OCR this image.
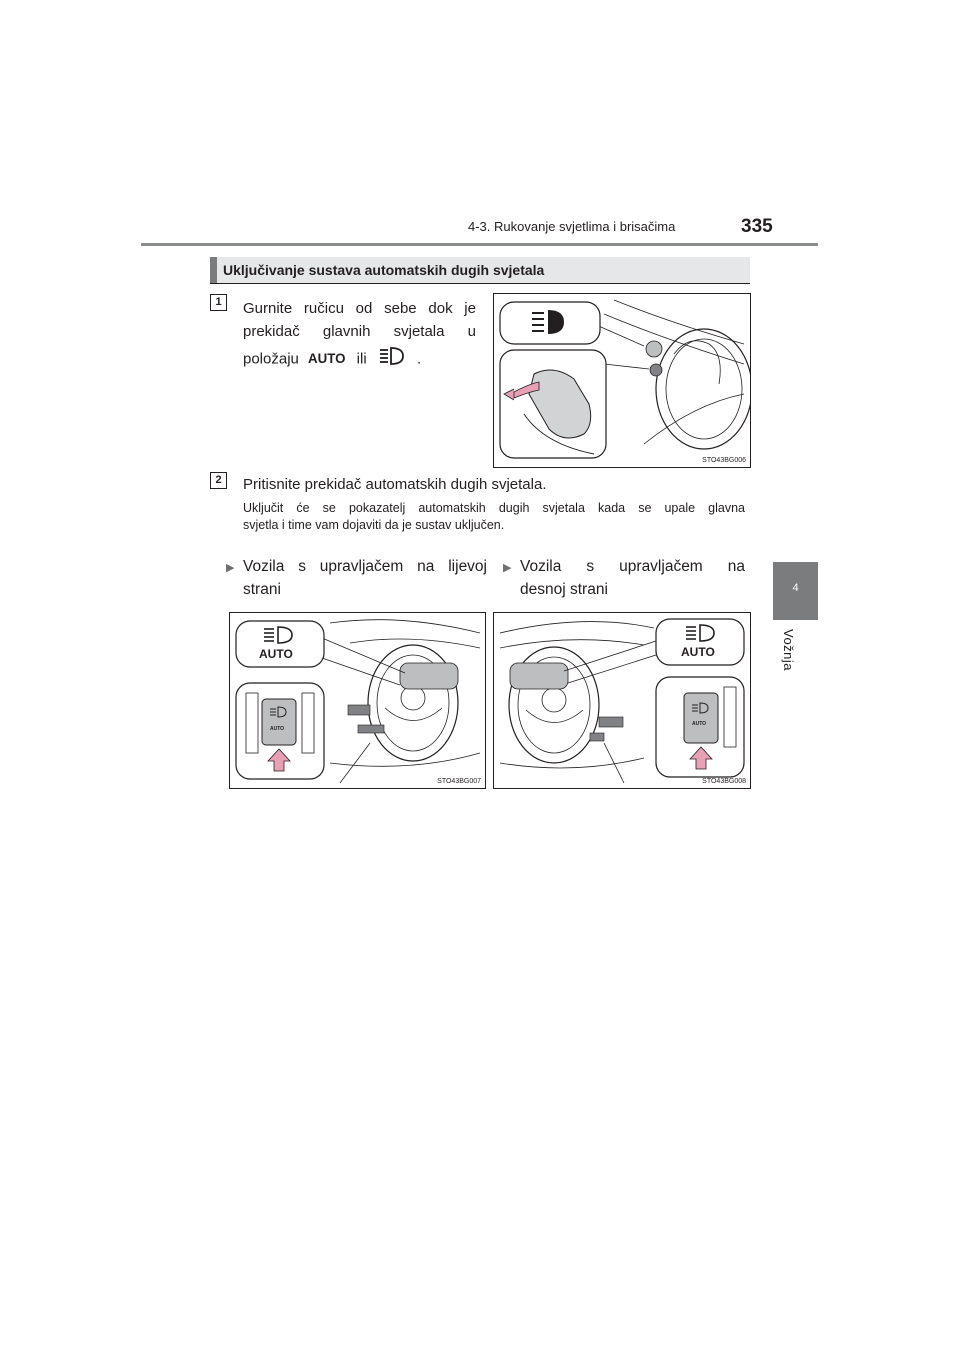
4-3. Rukovanje svjetlima i brisačima	335
4
Vožnja
Uključivanje sustava automatskih dugih svjetala
1	Gurnite ručicu od sebe dok je
prekidač glavnih svjetala u
položaju AUTO ili	.
STO43BG006
2	Pritisnite prekidač automatskih dugih svjetala.
Uključit će se pokazatelj automatskih dugih svjetala kada se upale glavna
svjetla i time vam dojaviti da je sustav uključen.
▶ Vozila s upravljačem na lijevoj
strani
▶ Vozila s upravljačem na
desnoj strani
AUTO
AUTO
STO43BG007
AUTO
AUTO
STO43BG008
